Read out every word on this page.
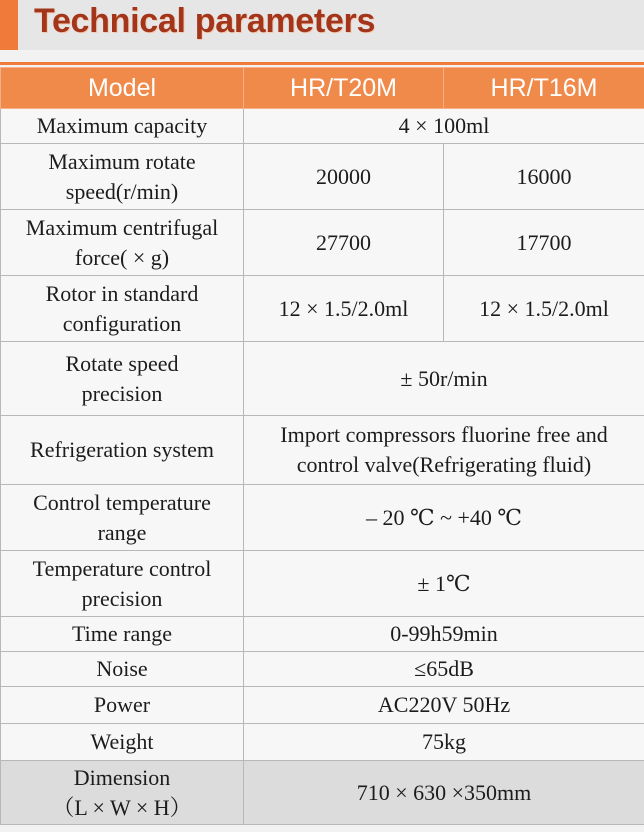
Technical parameters
Model	HR/T20M	HR/T16M
Maximum capacity	4 × 100ml	

Maximum rotate
speed(r/min)	20000	16000

Maximum centrifugal
force( × g)	27700	17700

Rotor in standard
configuration	12 × 1.5/2.0ml	12 × 1.5/2.0ml

Rotate speed
precision	± 50r/min	
Refrigeration system	Import compressors fluorine free and
control valve(Refrigerating fluid)	

Control temperature
range	– 20 ℃ ~ +40 ℃	

Temperature control
precision	± 1℃	
Time range	0-99h59min	
Noise	≤65dB	
Power	AC220V 50Hz	
Weight	75kg	

Dimension
（L × W × H）	710 × 630 ×350mm	
